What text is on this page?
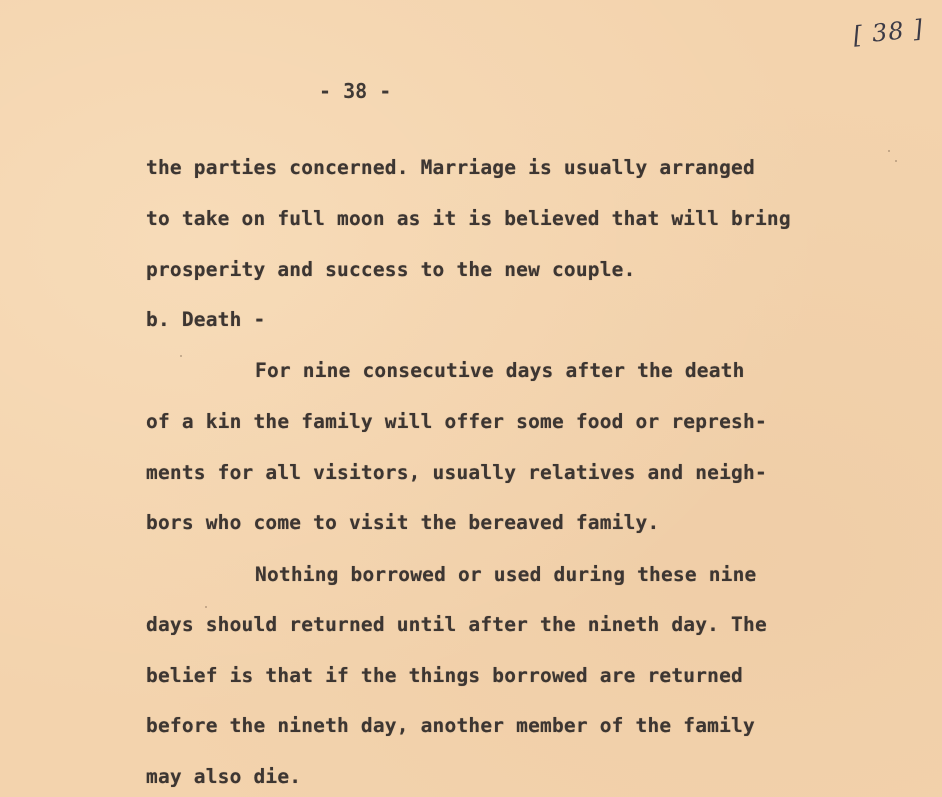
[ 38 ]
- 38 -
the parties concerned. Marriage is usually arranged
to take on full moon as it is believed that will bring
prosperity and success to the new couple.
b. Death -
For nine consecutive days after the death
of a kin the family will offer some food or represh-
ments for all visitors, usually relatives and neigh-
bors who come to visit the bereaved family.
Nothing borrowed or used during these nine
days should returned until after the nineth day. The
belief is that if the things borrowed are returned
before the nineth day, another member of the family
may also die.
